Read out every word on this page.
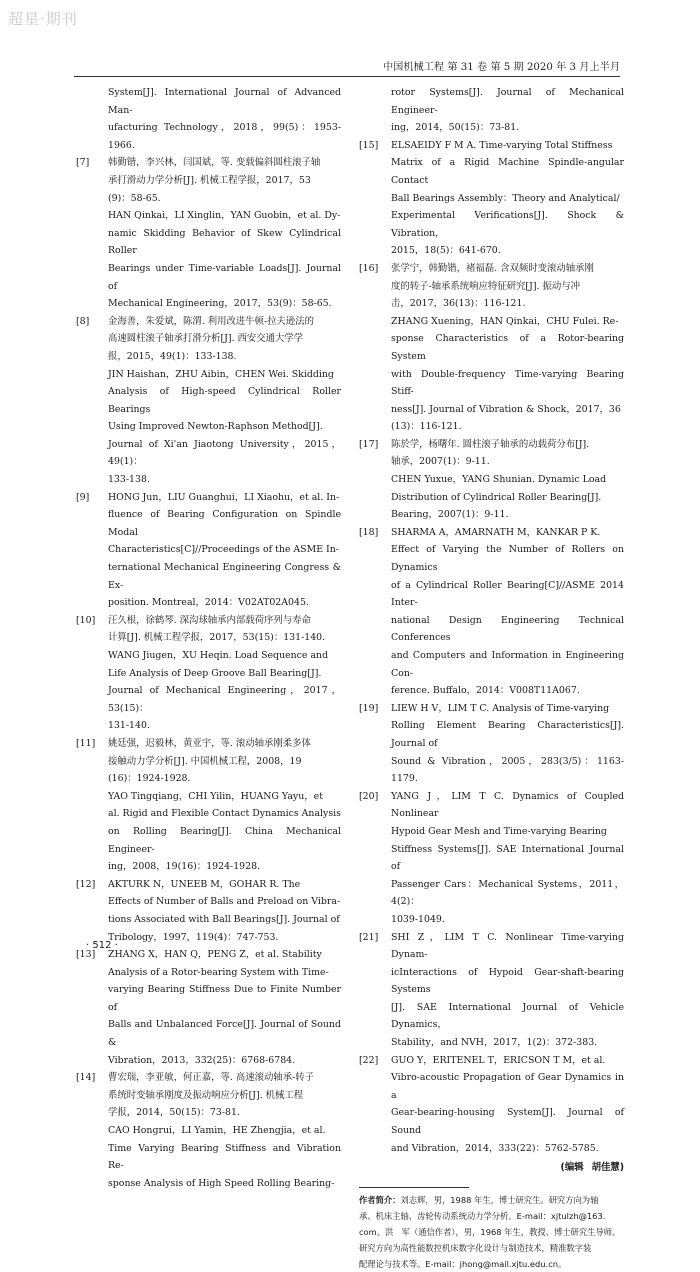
超星·期刊
中国机械工程 第 31 卷 第 5 期 2020 年 3 月上半月
System[J]. International Journal of Advanced Man-
ufacturing Technology，2018，99(5)：1953-1966.
[7]	韩勤锴，李兴林，闫国斌，等. 变载偏斜圆柱滚子轴
承打滑动力学分析[J]. 机械工程学报，2017，53
(9)：58-65.
HAN Qinkai，LI Xinglin，YAN Guobin，et al. Dy-
namic Skidding Behavior of Skew Cylindrical Roller
Bearings under Time-variable Loads[J]. Journal of
Mechanical Engineering，2017，53(9)：58-65.
[8]	金海善，朱爱斌，陈渭. 利用改进牛顿-拉夫逊法的
高速圆柱滚子轴承打滑分析[J]. 西安交通大学学
报，2015，49(1)：133-138.
JIN Haishan，ZHU Aibin，CHEN Wei. Skidding
Analysis of High-speed Cylindrical Roller Bearings
Using Improved Newton-Raphson Method[J].
Journal of Xi'an Jiaotong University，2015，49(1)：
133-138.
[9]	HONG Jun，LIU Guanghui，LI Xiaohu，et al. In-
fluence of Bearing Configuration on Spindle Modal
Characteristics[C]//Proceedings of the ASME In-
ternational Mechanical Engineering Congress & Ex-
position. Montreal，2014：V02AT02A045.
[10]	汪久根，徐鹤琴. 深沟球轴承内部载荷序列与寿命
计算[J]. 机械工程学报，2017，53(15)：131-140.
WANG Jiugen，XU Heqin. Load Sequence and
Life Analysis of Deep Groove Ball Bearing[J].
Journal of Mechanical Engineering，2017，53(15)：
131-140.
[11]	姚廷强，迟毅林，黄亚宇，等. 滚动轴承刚柔多体
接触动力学分析[J]. 中国机械工程，2008，19
(16)：1924-1928.
YAO Tingqiang，CHI Yilin，HUANG Yayu，et
al. Rigid and Flexible Contact Dynamics Analysis
on Rolling Bearing[J]. China Mechanical Engineer-
ing，2008，19(16)：1924-1928.
[12]	AKTURK N，UNEEB M，GOHAR R. The
Effects of Number of Balls and Preload on Vibra-
tions Associated with Ball Bearings[J]. Journal of
Tribology，1997，119(4)：747-753.
[13]	ZHANG X，HAN Q，PENG Z，et al. Stability
Analysis of a Rotor-bearing System with Time-
varying Bearing Stiffness Due to Finite Number of
Balls and Unbalanced Force[J]. Journal of Sound &
Vibration，2013，332(25)：6768-6784.
[14]	曹宏瑞，李亚敏，何正嘉，等. 高速滚动轴承-转子
系统时变轴承刚度及振动响应分析[J]. 机械工程
学报，2014，50(15)：73-81.
CAO Hongrui，LI Yamin，HE Zhengjia，et al.
Time Varying Bearing Stiffness and Vibration Re-
sponse Analysis of High Speed Rolling Bearing-
rotor Systems[J]. Journal of Mechanical Engineer-
ing，2014，50(15)：73-81.
[15]	ELSAEIDY F M A. Time-varying Total Stiffness
Matrix of a Rigid Machine Spindle-angular Contact
Ball Bearings Assembly：Theory and Analytical/
Experimental Verifications[J]. Shock & Vibration，
2015，18(5)：641-670.
[16]	张学宁，韩勤锴，褚福磊. 含双频时变滚动轴承刚
度的转子-轴承系统响应特征研究[J]. 振动与冲
击，2017，36(13)：116-121.
ZHANG Xuening，HAN Qinkai，CHU Fulei. Re-
sponse Characteristics of a Rotor-bearing System
with Double-frequency Time-varying Bearing Stiff-
ness[J]. Journal of Vibration & Shock，2017，36
(13)：116-121.
[17]	陈於学，杨曙年. 圆柱滚子轴承的动载荷分布[J].
轴承，2007(1)：9-11.
CHEN Yuxue，YANG Shunian. Dynamic Load
Distribution of Cylindrical Roller Bearing[J].
Bearing，2007(1)：9-11.
[18]	SHARMA A，AMARNATH M，KANKAR P K.
Effect of Varying the Number of Rollers on Dynamics
of a Cylindrical Roller Bearing[C]//ASME 2014 Inter-
national Design Engineering Technical Conferences
and Computers and Information in Engineering Con-
ference. Buffalo，2014：V008T11A067.
[19]	LIEW H V，LIM T C. Analysis of Time-varying
Rolling Element Bearing Characteristics[J]. Journal of
Sound & Vibration，2005，283(3/5)：1163-1179.
[20]	YANG J，LIM T C. Dynamics of Coupled Nonlinear
Hypoid Gear Mesh and Time-varying Bearing
Stiffness Systems[J]. SAE International Journal of
Passenger Cars：Mechanical Systems，2011，4(2)：
1039-1049.
[21]	SHI Z，LIM T C. Nonlinear Time-varying Dynam-
icInteractions of Hypoid Gear-shaft-bearing Systems
[J]. SAE International Journal of Vehicle Dynamics，
Stability，and NVH，2017，1(2)：372-383.
[22]	GUO Y，ERITENEL T，ERICSON T M，et al.
Vibro-acoustic Propagation of Gear Dynamics in a
Gear-bearing-housing System[J]. Journal of Sound
and Vibration，2014，333(22)：5762-5785.
(编辑 胡佳慧)
作者简介：刘志辉，男，1988 年生，博士研究生。研究方向为轴
承、机床主轴、齿轮传动系统动力学分析。E-mail：xjtulzh@163.
com。洪　军（通信作者），男，1968 年生，教授、博士研究生导师。
研究方向为高性能数控机床数字化设计与制造技术，精准数字装
配理论与技术等。E-mail：jhong@mail.xjtu.edu.cn。
· 512 ·
